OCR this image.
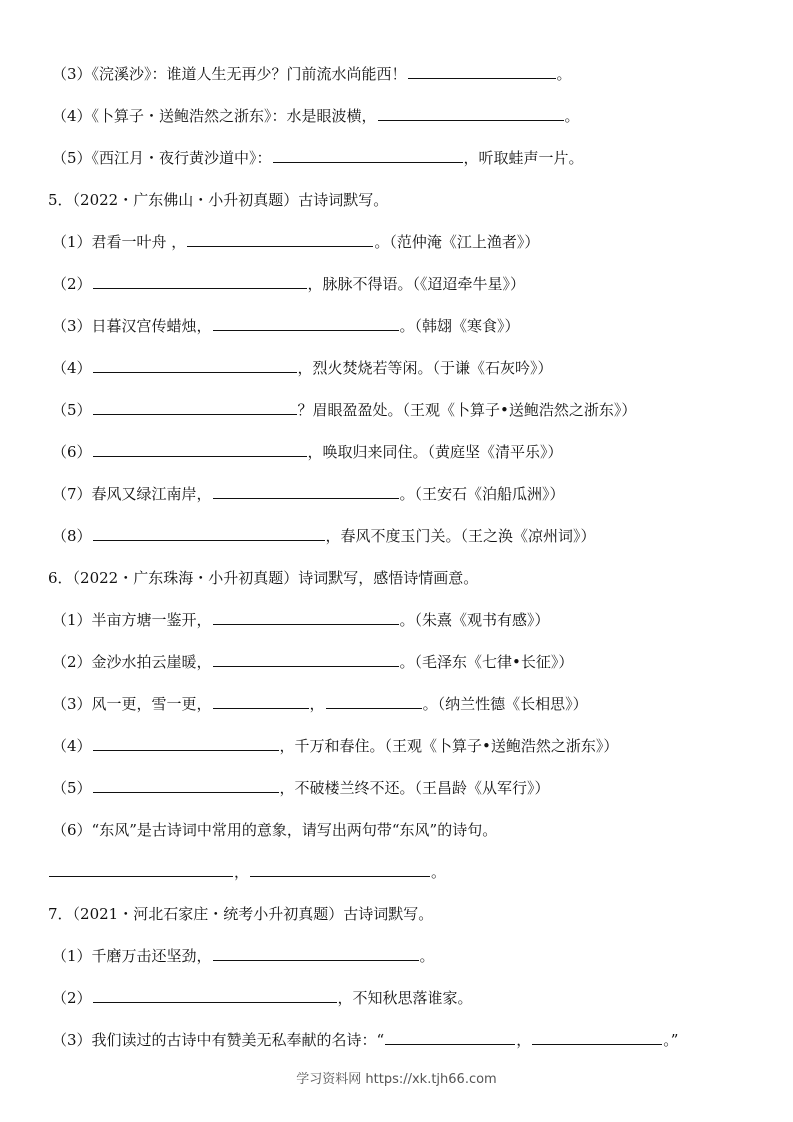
（3）《浣溪沙》：谁道人生无再少？门前流水尚能西！	。
（4）《卜算子・送鲍浩然之浙东》：水是眼波横，	。
（5）《西江月・夜行黄沙道中》：	，听取蛙声一片。
5．（2022・广东佛山・小升初真题）古诗词默写。
（1）君看一叶舟 ，	。（范仲淹《江上渔者》）
（2）	，脉脉不得语。（《迢迢牵牛星》）
（3）日暮汉宫传蜡烛，	。（韩翃《寒食》）
（4）	，烈火焚烧若等闲。（于谦《石灰吟》）
（5）	？眉眼盈盈处。（王观《卜算子•送鲍浩然之浙东》）
（6）	，唤取归来同住。（黄庭坚《清平乐》）
（7）春风又绿江南岸，	。（王安石《泊船瓜洲》）
（8）	，春风不度玉门关。（王之涣《凉州词》）
6．（2022・广东珠海・小升初真题）诗词默写，感悟诗情画意。
（1）半亩方塘一鉴开，	。（朱熹《观书有感》）
（2）金沙水拍云崖暖，	。（毛泽东《七律•长征》）
（3）风一更，雪一更，	，	。（纳兰性德《长相思》）
（4）	，千万和春住。（王观《卜算子•送鲍浩然之浙东》）
（5）	，不破楼兰终不还。（王昌龄《从军行》）
（6）“东风”是古诗词中常用的意象，请写出两句带“东风”的诗句。
，	。
7．（2021・河北石家庄・统考小升初真题）古诗词默写。
（1）千磨万击还坚劲，	。
（2）	，不知秋思落谁家。
（3）我们读过的古诗中有赞美无私奉献的名诗：“	，	。”
学习资料网 https://xk.tjh66.com
